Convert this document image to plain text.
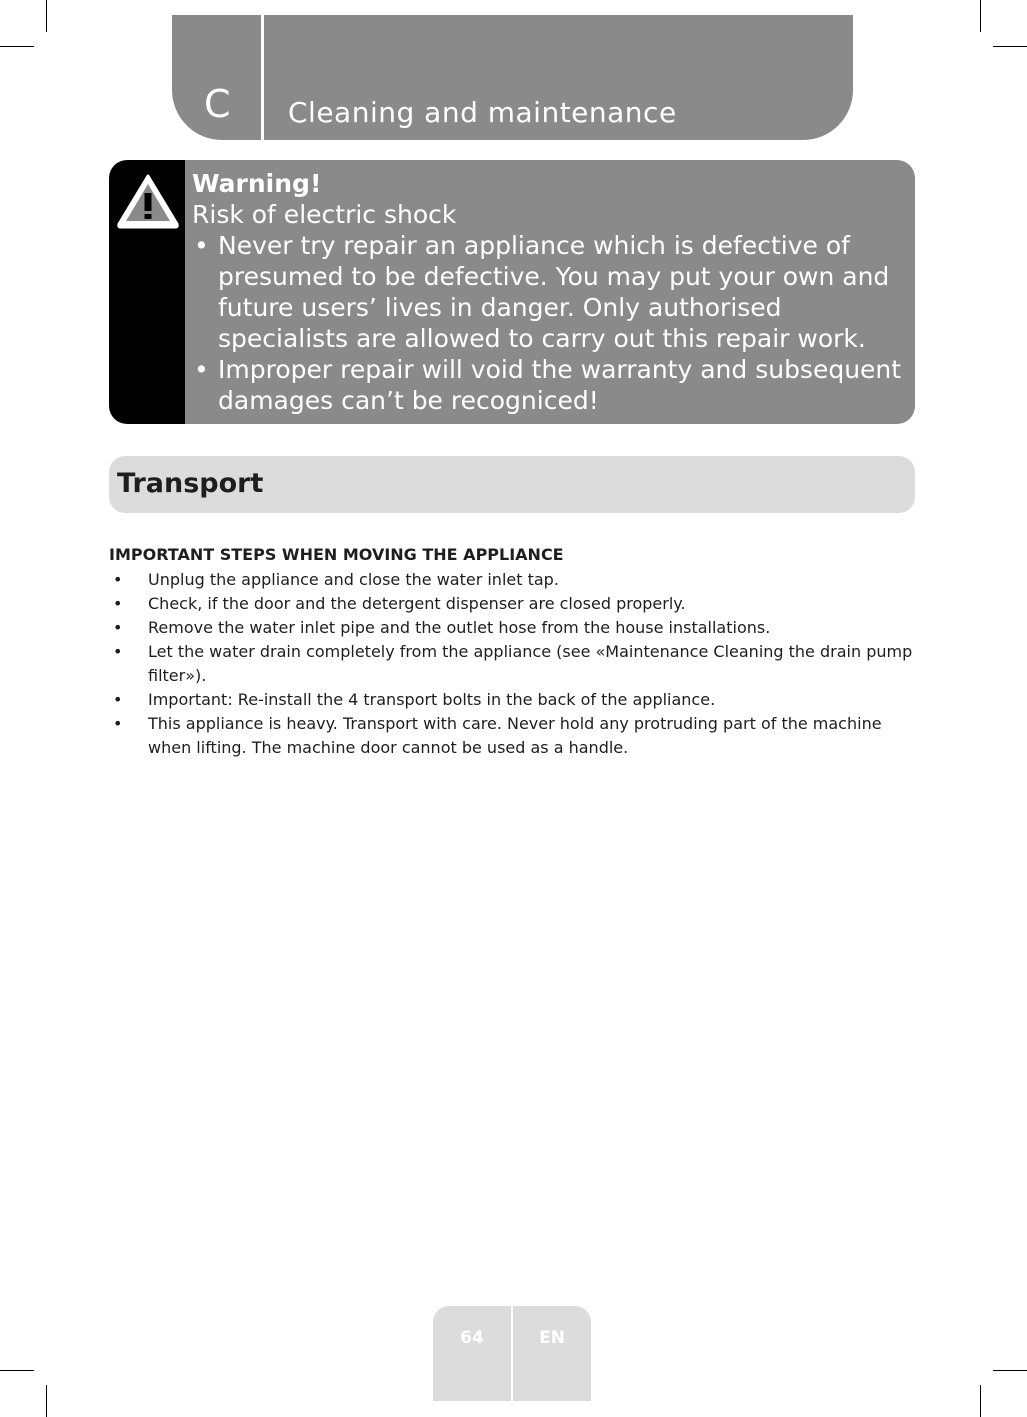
C Cleaning and maintenance
Warning!
Risk of electric shock
• Never try repair an appliance which is defective of presumed to be defective. You may put your own and future users’ lives in danger. Only authorised specialists are allowed to carry out this repair work.
• Improper repair will void the warranty and subsequent damages can’t be recogniced!
Transport
IMPORTANT STEPS WHEN MOVING THE APPLIANCE
• Unplug the appliance and close the water inlet tap.
• Check, if the door and the detergent dispenser are closed properly.
• Remove the water inlet pipe and the outlet hose from the house installations.
• Let the water drain completely from the appliance (see «Maintenance Cleaning the drain pump filter»).
• Important: Re-install the 4 transport bolts in the back of the appliance.
• This appliance is heavy. Transport with care. Never hold any protruding part of the machine when lifting. The machine door cannot be used as a handle.
64	EN
